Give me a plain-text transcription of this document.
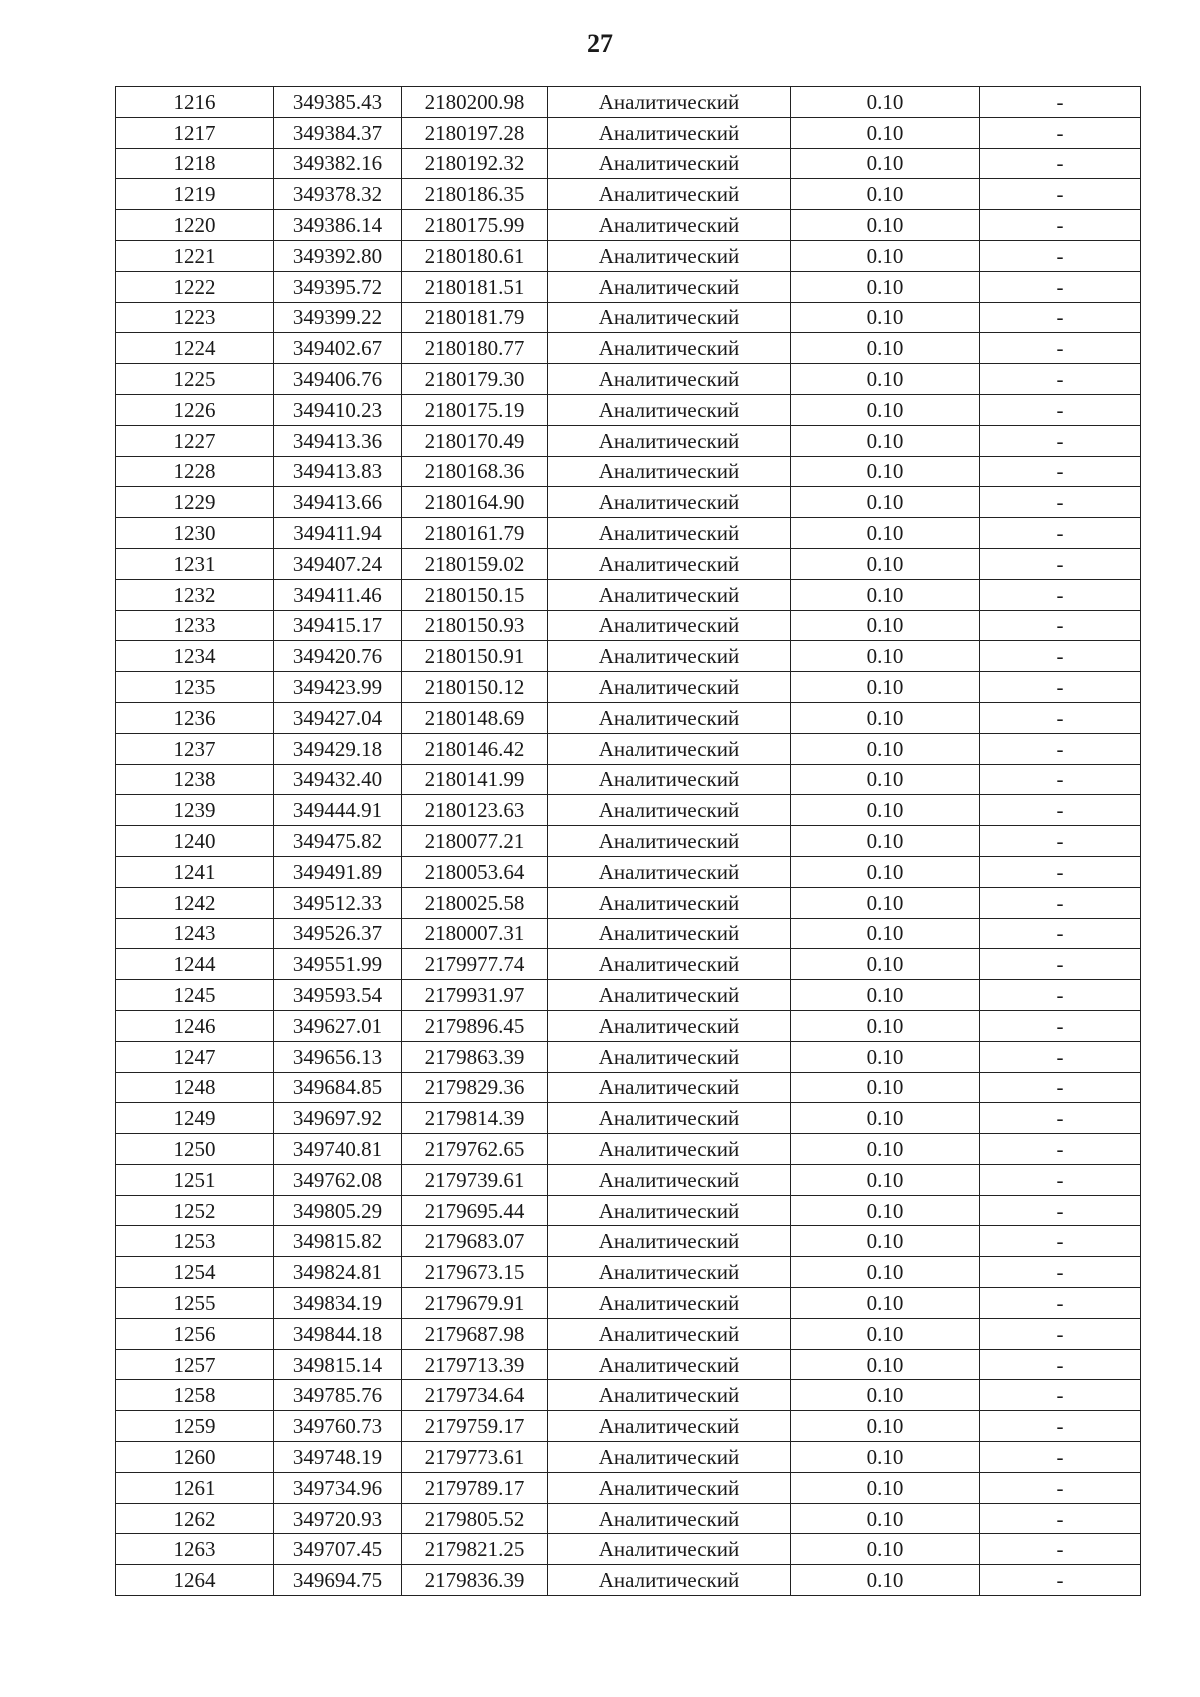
27
1216	349385.43	2180200.98	Аналитический	0.10	-
1217	349384.37	2180197.28	Аналитический	0.10	-
1218	349382.16	2180192.32	Аналитический	0.10	-
1219	349378.32	2180186.35	Аналитический	0.10	-
1220	349386.14	2180175.99	Аналитический	0.10	-
1221	349392.80	2180180.61	Аналитический	0.10	-
1222	349395.72	2180181.51	Аналитический	0.10	-
1223	349399.22	2180181.79	Аналитический	0.10	-
1224	349402.67	2180180.77	Аналитический	0.10	-
1225	349406.76	2180179.30	Аналитический	0.10	-
1226	349410.23	2180175.19	Аналитический	0.10	-
1227	349413.36	2180170.49	Аналитический	0.10	-
1228	349413.83	2180168.36	Аналитический	0.10	-
1229	349413.66	2180164.90	Аналитический	0.10	-
1230	349411.94	2180161.79	Аналитический	0.10	-
1231	349407.24	2180159.02	Аналитический	0.10	-
1232	349411.46	2180150.15	Аналитический	0.10	-
1233	349415.17	2180150.93	Аналитический	0.10	-
1234	349420.76	2180150.91	Аналитический	0.10	-
1235	349423.99	2180150.12	Аналитический	0.10	-
1236	349427.04	2180148.69	Аналитический	0.10	-
1237	349429.18	2180146.42	Аналитический	0.10	-
1238	349432.40	2180141.99	Аналитический	0.10	-
1239	349444.91	2180123.63	Аналитический	0.10	-
1240	349475.82	2180077.21	Аналитический	0.10	-
1241	349491.89	2180053.64	Аналитический	0.10	-
1242	349512.33	2180025.58	Аналитический	0.10	-
1243	349526.37	2180007.31	Аналитический	0.10	-
1244	349551.99	2179977.74	Аналитический	0.10	-
1245	349593.54	2179931.97	Аналитический	0.10	-
1246	349627.01	2179896.45	Аналитический	0.10	-
1247	349656.13	2179863.39	Аналитический	0.10	-
1248	349684.85	2179829.36	Аналитический	0.10	-
1249	349697.92	2179814.39	Аналитический	0.10	-
1250	349740.81	2179762.65	Аналитический	0.10	-
1251	349762.08	2179739.61	Аналитический	0.10	-
1252	349805.29	2179695.44	Аналитический	0.10	-
1253	349815.82	2179683.07	Аналитический	0.10	-
1254	349824.81	2179673.15	Аналитический	0.10	-
1255	349834.19	2179679.91	Аналитический	0.10	-
1256	349844.18	2179687.98	Аналитический	0.10	-
1257	349815.14	2179713.39	Аналитический	0.10	-
1258	349785.76	2179734.64	Аналитический	0.10	-
1259	349760.73	2179759.17	Аналитический	0.10	-
1260	349748.19	2179773.61	Аналитический	0.10	-
1261	349734.96	2179789.17	Аналитический	0.10	-
1262	349720.93	2179805.52	Аналитический	0.10	-
1263	349707.45	2179821.25	Аналитический	0.10	-
1264	349694.75	2179836.39	Аналитический	0.10	-
